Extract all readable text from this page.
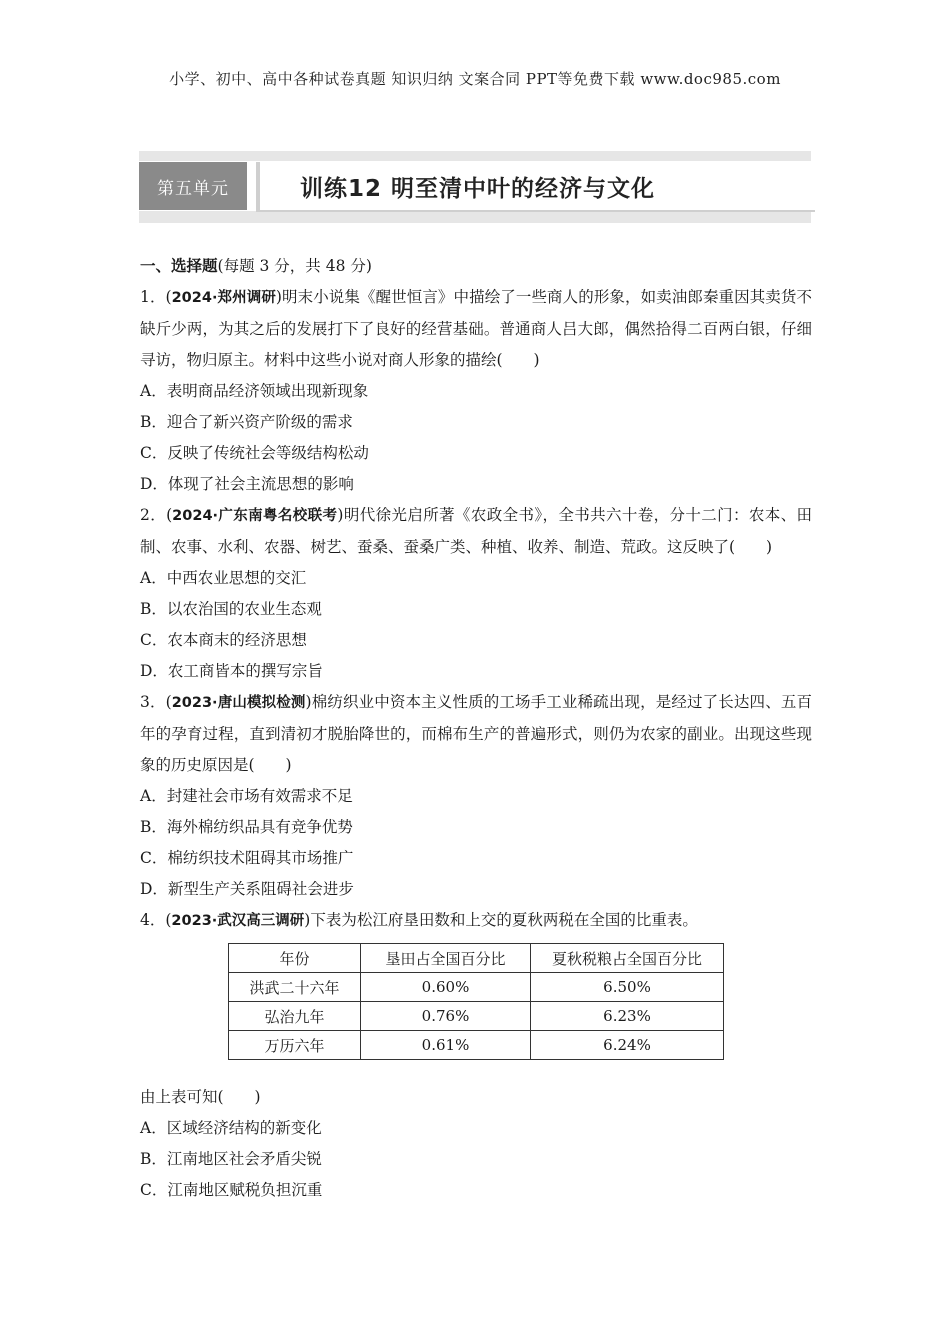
小学、初中、高中各种试卷真题 知识归纳 文案合同 PPT等免费下载 www.doc985.com
第五单元	训练12 明至清中叶的经济与文化
一、选择题(每题 3 分，共 48 分)
1．(2024·郑州调研)明末小说集《醒世恒言》中描绘了一些商人的形象，如卖油郎秦重因其卖货不缺斤少两，为其之后的发展打下了良好的经营基础。普通商人吕大郎，偶然拾得二百两白银，仔细寻访，物归原主。材料中这些小说对商人形象的描绘(　　)
A．表明商品经济领域出现新现象
B．迎合了新兴资产阶级的需求
C．反映了传统社会等级结构松动
D．体现了社会主流思想的影响
2．(2024·广东南粤名校联考)明代徐光启所著《农政全书》，全书共六十卷，分十二门：农本、田制、农事、水利、农器、树艺、蚕桑、蚕桑广类、种植、收养、制造、荒政。这反映了(　　)
A．中西农业思想的交汇
B．以农治国的农业生态观
C．农本商末的经济思想
D．农工商皆本的撰写宗旨
3．(2023·唐山模拟检测)棉纺织业中资本主义性质的工场手工业稀疏出现，是经过了长达四、五百年的孕育过程，直到清初才脱胎降世的，而棉布生产的普遍形式，则仍为农家的副业。出现这些现象的历史原因是(　　)
A．封建社会市场有效需求不足
B．海外棉纺织品具有竞争优势
C．棉纺织技术阻碍其市场推广
D．新型生产关系阻碍社会进步
4．(2023·武汉高三调研)下表为松江府垦田数和上交的夏秋两税在全国的比重表。
年份	垦田占全国百分比	夏秋税粮占全国百分比
洪武二十六年	0.60%	6.50%
弘治九年	0.76%	6.23%
万历六年	0.61%	6.24%
由上表可知(　　)
A．区域经济结构的新变化
B．江南地区社会矛盾尖锐
C．江南地区赋税负担沉重
